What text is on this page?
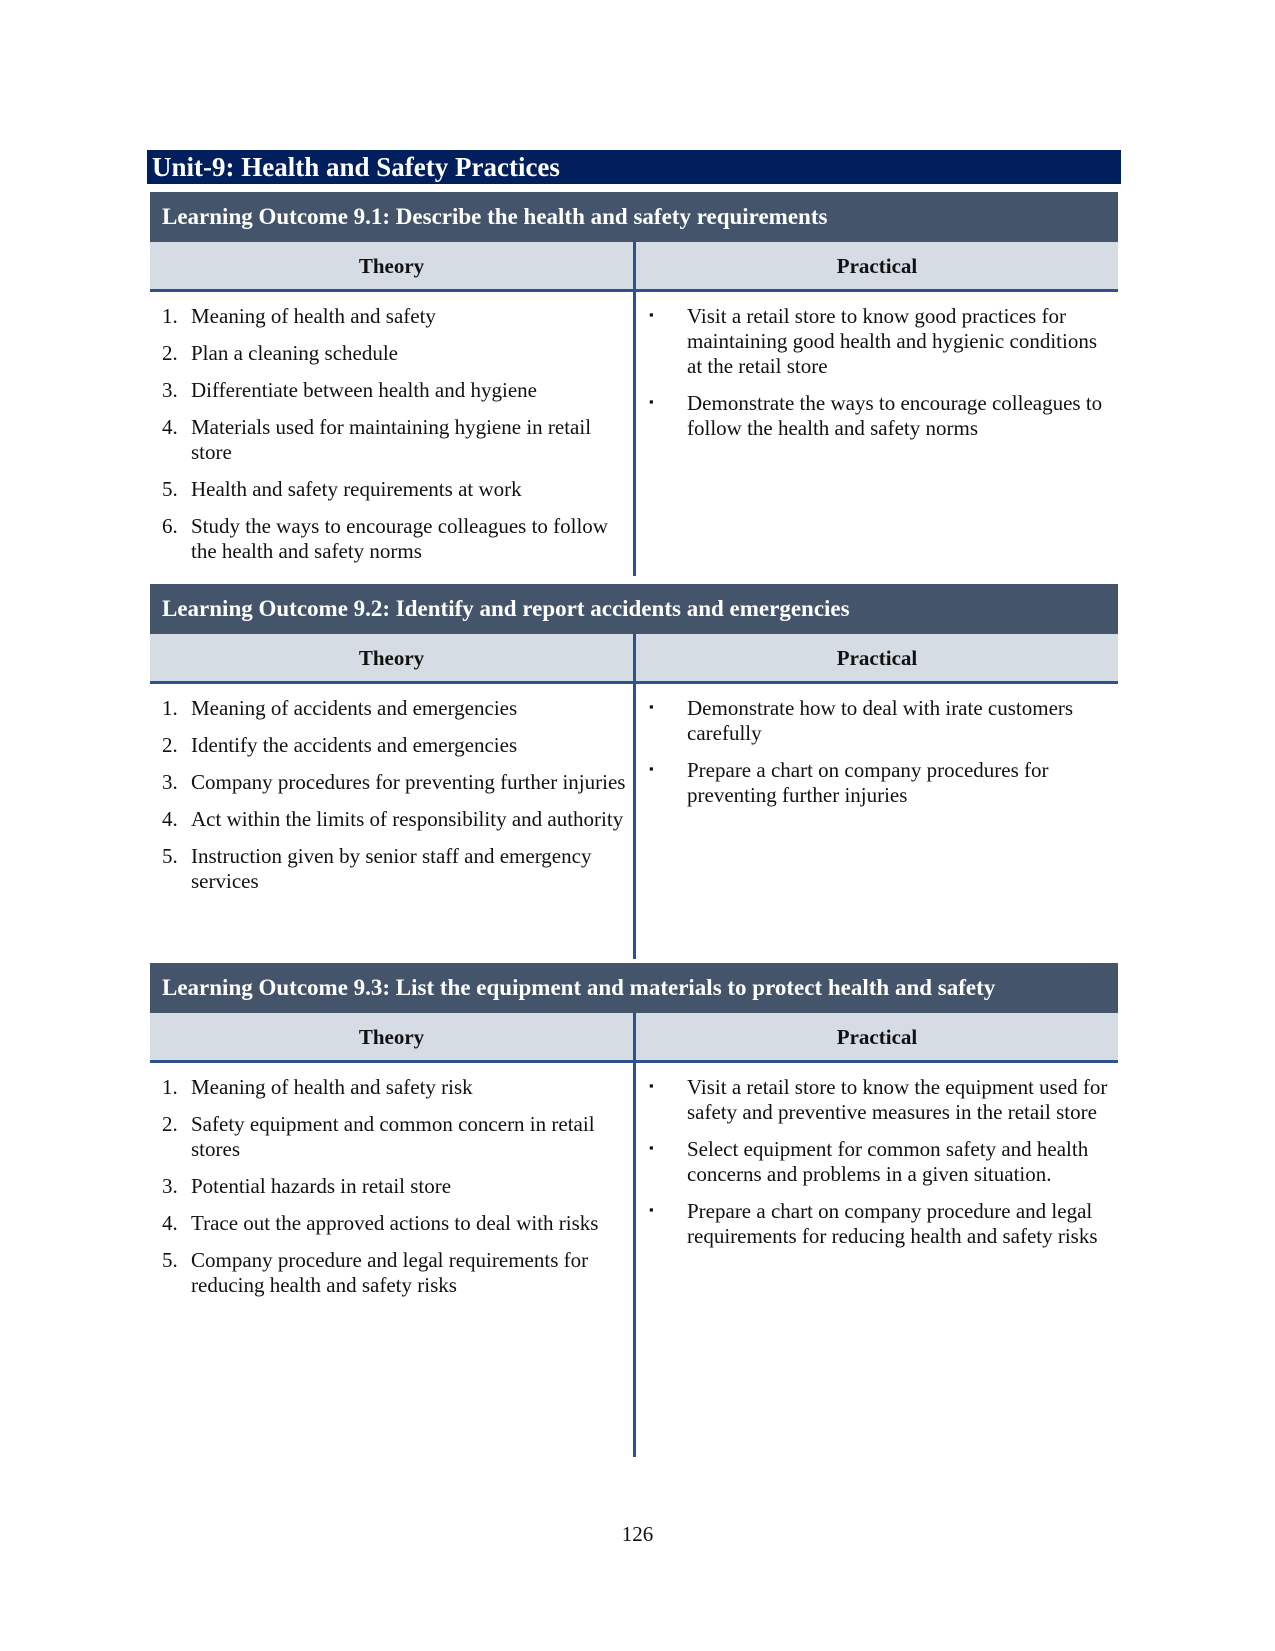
Unit-9: Health and Safety Practices
Learning Outcome 9.1: Describe the health and safety requirements
Theory	Practical
1. Meaning of health and safety
2. Plan a cleaning schedule
3. Differentiate between health and hygiene
4. Materials used for maintaining hygiene in retail store
5. Health and safety requirements at work
6. Study the ways to encourage colleagues to follow the health and safety norms
▪	Visit a retail store to know good practices for maintaining good health and hygienic conditions at the retail store
▪	Demonstrate the ways to encourage colleagues to follow the health and safety norms
Learning Outcome 9.2: Identify and report accidents and emergencies
Theory	Practical
1. Meaning of accidents and emergencies
2. Identify the accidents and emergencies
3. Company procedures for preventing further injuries
4. Act within the limits of responsibility and authority
5. Instruction given by senior staff and emergency services
▪	Demonstrate how to deal with irate customers carefully
▪	Prepare a chart on company procedures for preventing further injuries
Learning Outcome 9.3: List the equipment and materials to protect health and safety
Theory	Practical
1. Meaning of health and safety risk
2. Safety equipment and common concern in retail stores
3. Potential hazards in retail store
4. Trace out the approved actions to deal with risks
5. Company procedure and legal requirements for reducing health and safety risks
▪	Visit a retail store to know the equipment used for safety and preventive measures in the retail store
▪	Select equipment for common safety and health concerns and problems in a given situation.
▪	Prepare a chart on company procedure and legal requirements for reducing health and safety risks
126
